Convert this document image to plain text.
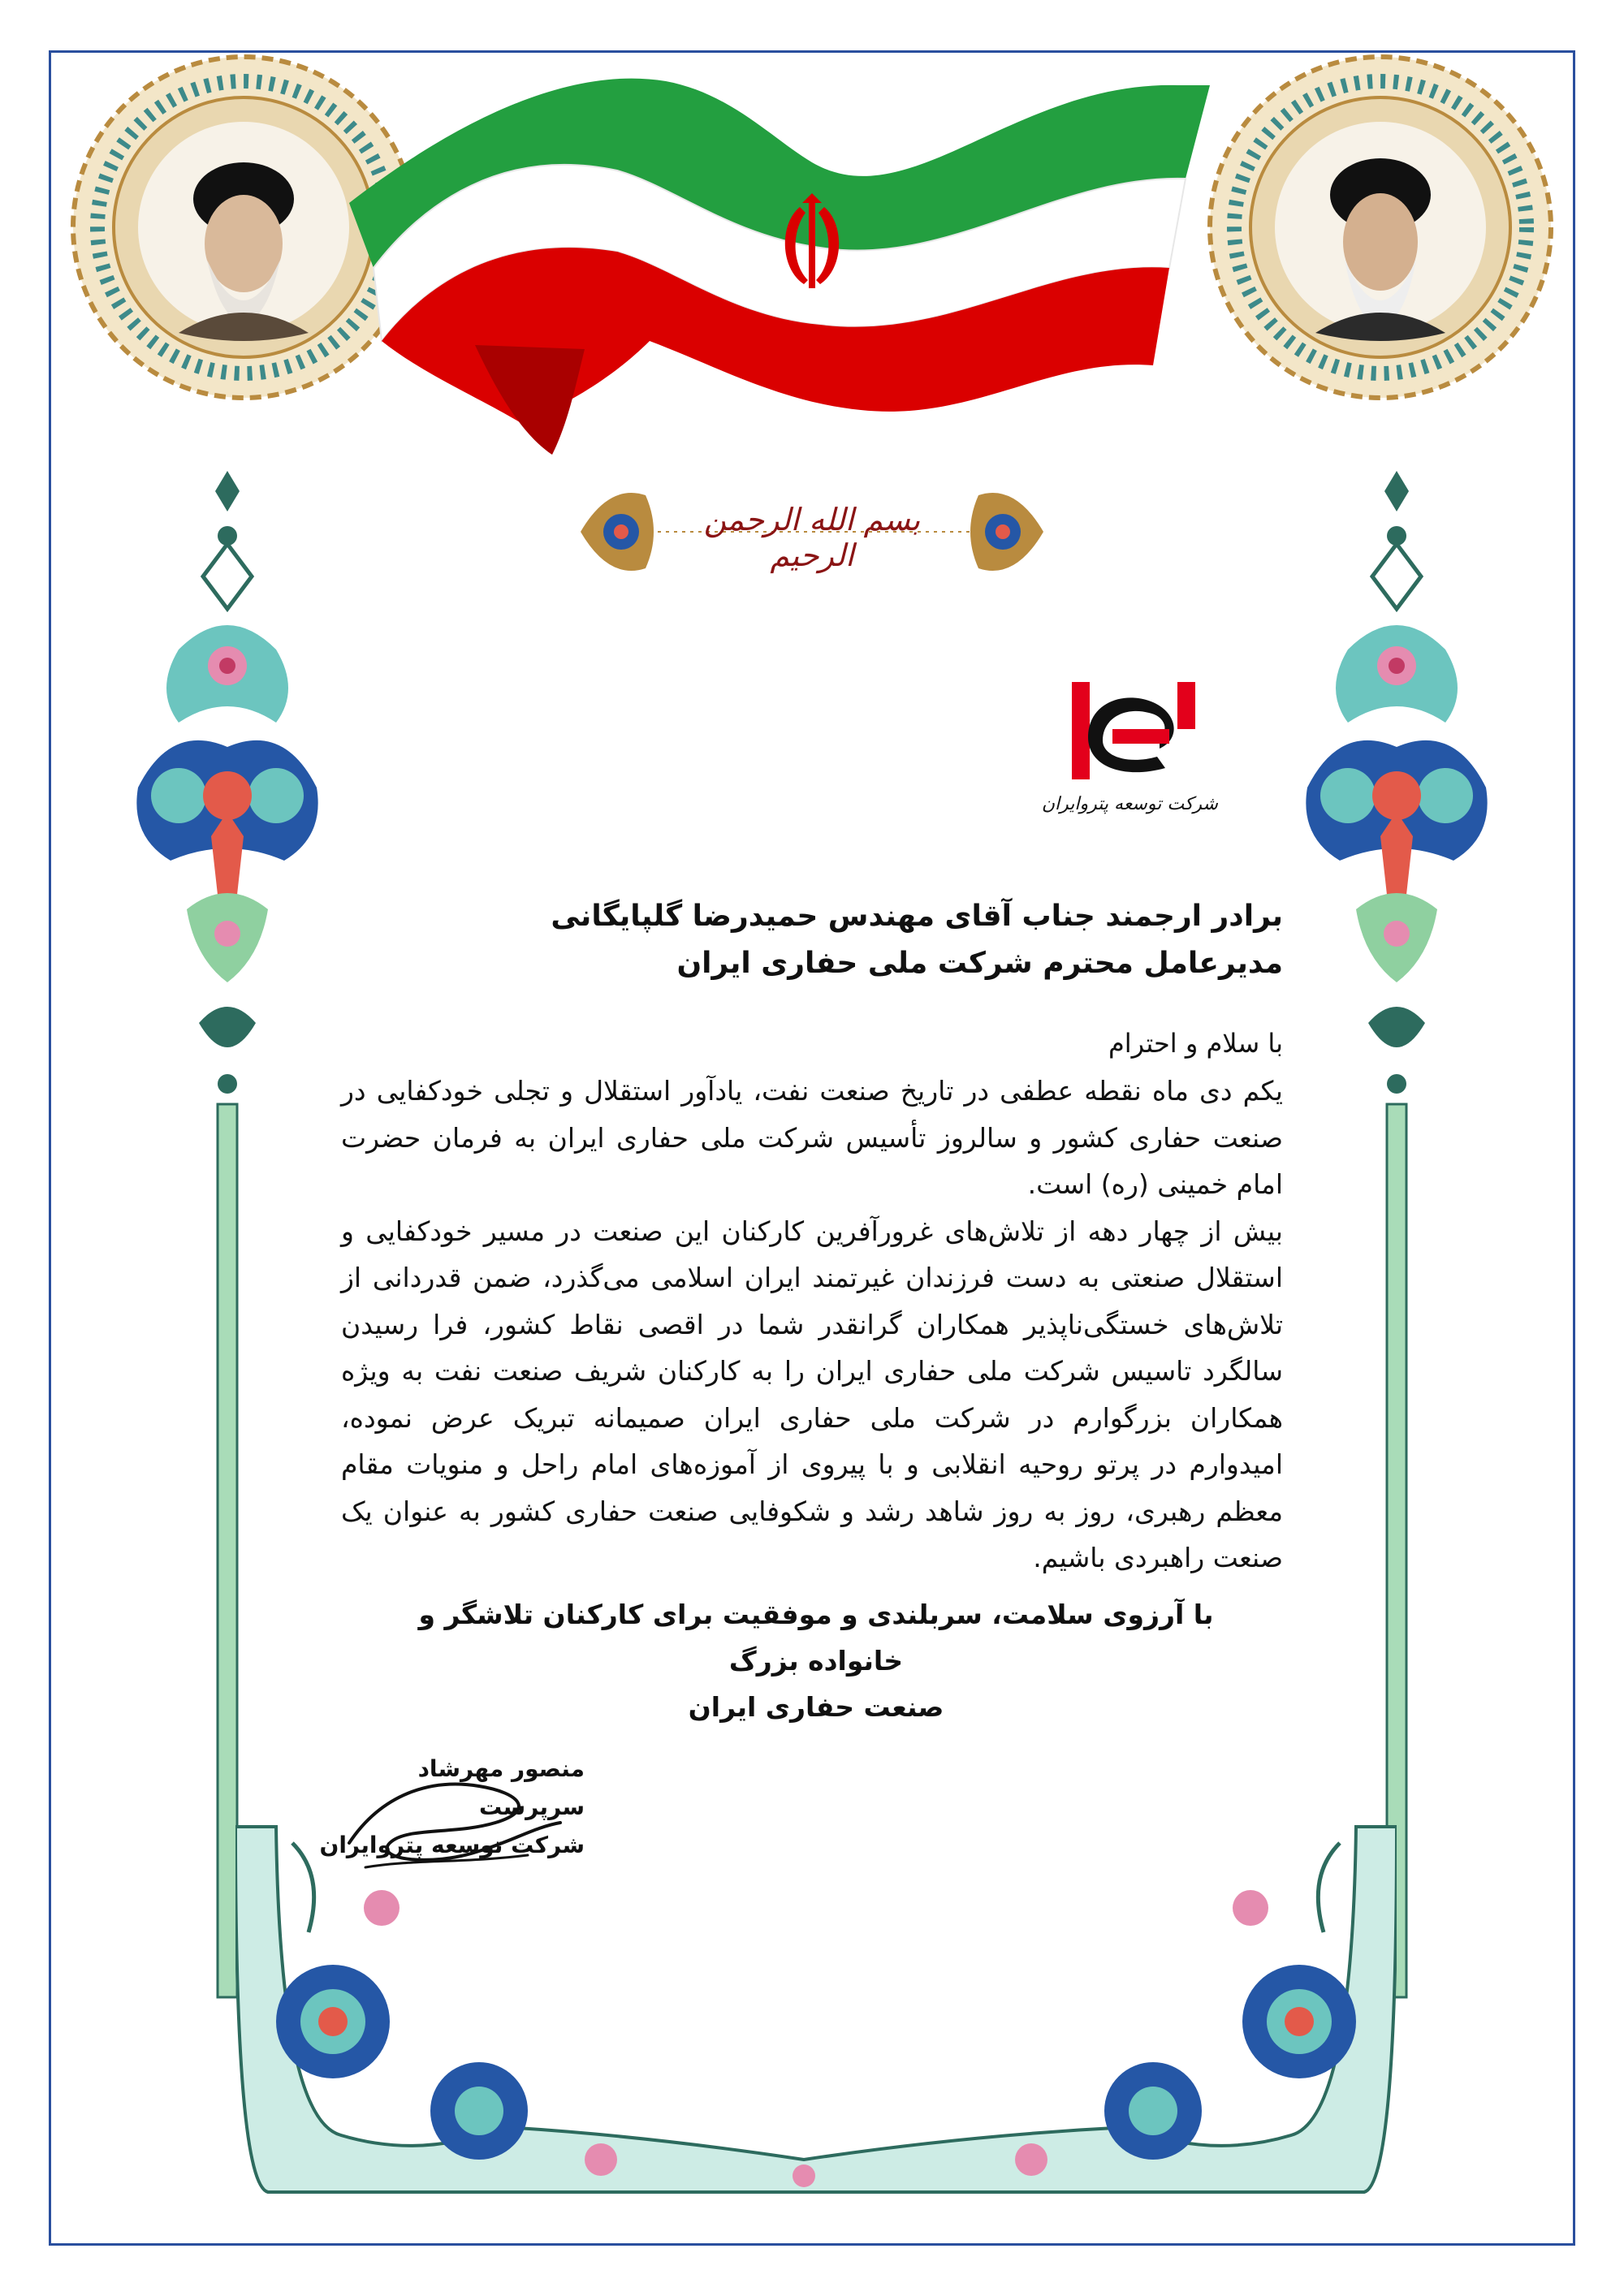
بسم الله الرحمن الرحیم
شرکت توسعه پتروایران
برادر ارجمند جناب آقای مهندس حمیدرضا گلپایگانی
مدیرعامل محترم شرکت ملی حفاری ایران
با سلام و احترام

یکم دی ماه نقطه عطفی در تاریخ صنعت نفت، یادآور استقلال و تجلی خودکفایی در صنعت حفاری کشور و سالروز تأسیس شرکت ملی حفاری ایران به فرمان حضرت امام خمینی (ره) است.

بیش از چهار دهه از تلاش‌های غرورآفرین کارکنان این صنعت در مسیر خودکفایی و استقلال صنعتی به دست فرزندان غیرتمند ایران اسلامی می‌گذرد، ضمن قدردانی از تلاش‌های خستگی‌ناپذیر همکاران گرانقدر شما در اقصی نقاط کشور، فرا رسیدن سالگرد تاسیس شرکت ملی حفاری ایران را به کارکنان شریف صنعت نفت به ویژه همکاران بزرگوارم در شرکت ملی حفاری ایران صمیمانه تبریک عرض نموده، امیدوارم در پرتو روحیه انقلابی و با پیروی از آموزه‌های امام راحل و منویات مقام معظم رهبری، روز به روز شاهد رشد و شکوفایی صنعت حفاری کشور به عنوان یک صنعت راهبردی باشیم.

با آرزوی سلامت، سربلندی و موفقیت برای کارکنان تلاشگر و خانواده بزرگ
صنعت حفاری ایران
منصور مهرشاد
سرپرست
شرکت توسعه پتروایران
